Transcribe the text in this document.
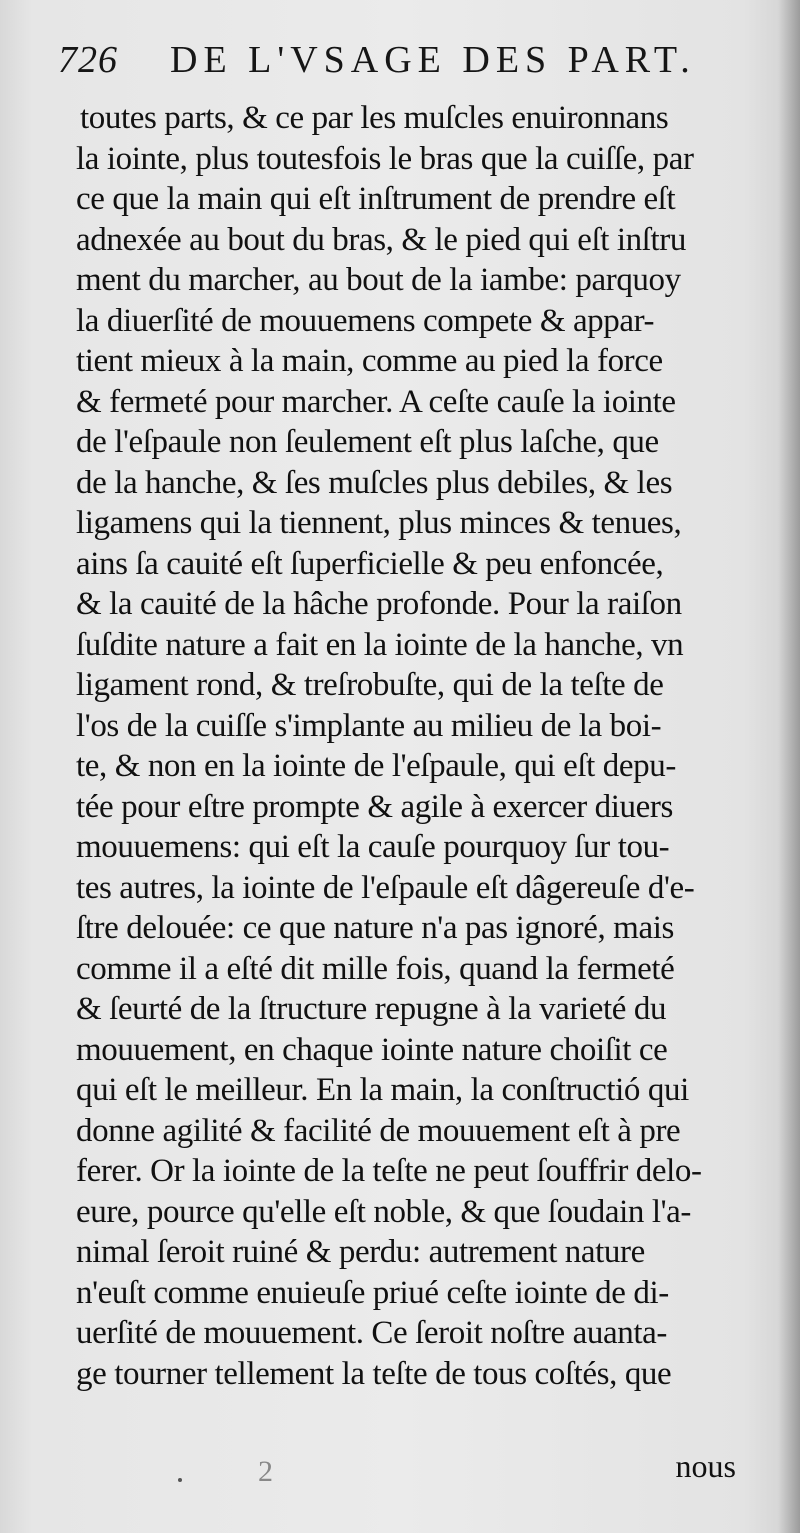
726 DE L'VSAGE DES PART.
toutes parts, & ce par les muſcles enuironnans
la iointe, plus toutesfois le bras que la cuiſſe, par
ce que la main qui eſt inſtrument de prendre eſt
adnexée au bout du bras, & le pied qui eſt inſtru
ment du marcher, au bout de la iambe: parquoy
la diuerſité de mouuemens compete & appar-
tient mieux à la main, comme au pied la force
& fermeté pour marcher. A ceſte cauſe la iointe
de l'eſpaule non ſeulement eſt plus laſche, que
de la hanche, & ſes muſcles plus debiles, & les
ligamens qui la tiennent, plus minces & tenues,
ains ſa cauité eſt ſuperficielle & peu enfoncée,
& la cauité de la hâche profonde. Pour la raiſon
ſuſdite nature a fait en la iointe de la hanche, vn
ligament rond, & treſrobuſte, qui de la teſte de
l'os de la cuiſſe s'implante au milieu de la boi-
te, & non en la iointe de l'eſpaule, qui eſt depu-
tée pour eſtre prompte & agile à exercer diuers
mouuemens: qui eſt la cauſe pourquoy ſur tou-
tes autres, la iointe de l'eſpaule eſt dâgereuſe d'e-
ſtre delouée: ce que nature n'a pas ignoré, mais
comme il a eſté dit mille fois, quand la fermeté
& ſeurté de la ſtructure repugne à la varieté du
mouuement, en chaque iointe nature choiſit ce
qui eſt le meilleur. En la main, la conſtructió qui
donne agilité & facilité de mouuement eſt à pre
ferer. Or la iointe de la teſte ne peut ſouffrir delo-
eure, pource qu'elle eſt noble, & que ſoudain l'a-
nimal ſeroit ruiné & perdu: autrement nature
n'euſt comme enuieuſe priué ceſte iointe de di-
uerſité de mouuement. Ce ſeroit noſtre auanta-
ge tourner tellement la teſte de tous coſtés, que
2	nous
